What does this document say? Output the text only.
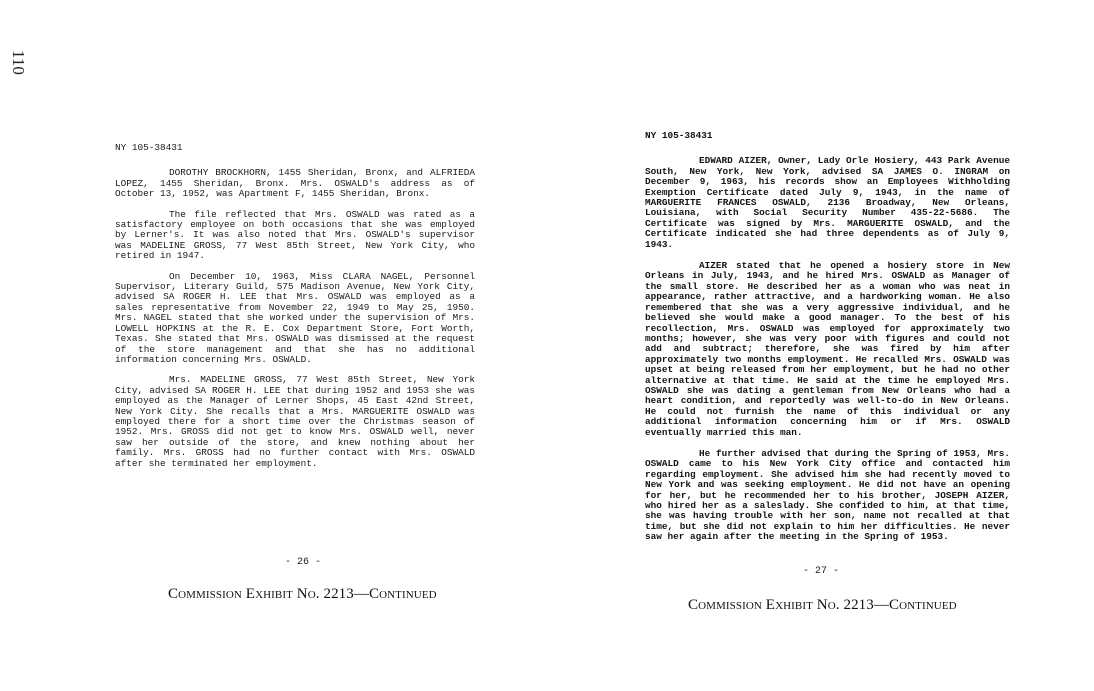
110
NY 105-38431

DOROTHY BROCKHORN, 1455 Sheridan, Bronx, and ALFRIEDA LOPEZ, 1455 Sheridan, Bronx. Mrs. OSWALD's address as of October 13, 1952, was Apartment F, 1455 Sheridan, Bronx.

The file reflected that Mrs. OSWALD was rated as a satisfactory employee on both occasions that she was employed by Lerner's. It was also noted that Mrs. OSWALD's supervisor was MADELINE GROSS, 77 West 85th Street, New York City, who retired in 1947.

On December 10, 1963, Miss CLARA NAGEL, Personnel Supervisor, Literary Guild, 575 Madison Avenue, New York City, advised SA ROGER H. LEE that Mrs. OSWALD was employed as a sales representative from November 22, 1949 to May 25, 1950. Mrs. NAGEL stated that she worked under the supervision of Mrs. LOWELL HOPKINS at the R. E. Cox Department Store, Fort Worth, Texas. She stated that Mrs. OSWALD was dismissed at the request of the store management and that she has no additional information concerning Mrs. OSWALD.

Mrs. MADELINE GROSS, 77 West 85th Street, New York City, advised SA ROGER H. LEE that during 1952 and 1953 she was employed as the Manager of Lerner Shops, 45 East 42nd Street, New York City. She recalls that a Mrs. MARGUERITE OSWALD was employed there for a short time over the Christmas season of 1952. Mrs. GROSS did not get to know Mrs. OSWALD well, never saw her outside of the store, and knew nothing about her family. Mrs. GROSS had no further contact with Mrs. OSWALD after she terminated her employment.

- 26 -
Commission Exhibit No. 2213—Continued
NY 105-38431

EDWARD AIZER, Owner, Lady Orle Hosiery, 443 Park Avenue South, New York, New York, advised SA JAMES O. INGRAM on December 9, 1963, his records show an Employees Withholding Exemption Certificate dated July 9, 1943, in the name of MARGUERITE FRANCES OSWALD, 2136 Broadway, New Orleans, Louisiana, with Social Security Number 435-22-5686. The Certificate was signed by Mrs. MARGUERITE OSWALD, and the Certificate indicated she had three dependents as of July 9, 1943.

AIZER stated that he opened a hosiery store in New Orleans in July, 1943, and he hired Mrs. OSWALD as Manager of the small store. He described her as a woman who was neat in appearance, rather attractive, and a hardworking woman. He also remembered that she was a very aggressive individual, and he believed she would make a good manager. To the best of his recollection, Mrs. OSWALD was employed for approximately two months; however, she was very poor with figures and could not add and subtract; therefore, she was fired by him after approximately two months employment. He recalled Mrs. OSWALD was upset at being released from her employment, but he had no other alternative at that time. He said at the time he employed Mrs. OSWALD she was dating a gentleman from New Orleans who had a heart condition, and reportedly was well-to-do in New Orleans. He could not furnish the name of this individual or any additional information concerning him or if Mrs. OSWALD eventually married this man.

He further advised that during the Spring of 1953, Mrs. OSWALD came to his New York City office and contacted him regarding employment. She advised him she had recently moved to New York and was seeking employment. He did not have an opening for her, but he recommended her to his brother, JOSEPH AIZER, who hired her as a saleslady. She confided to him, at that time, she was having trouble with her son, name not recalled at that time, but she did not explain to him her difficulties. He never saw her again after the meeting in the Spring of 1953.

- 27 -
Commission Exhibit No. 2213—Continued
